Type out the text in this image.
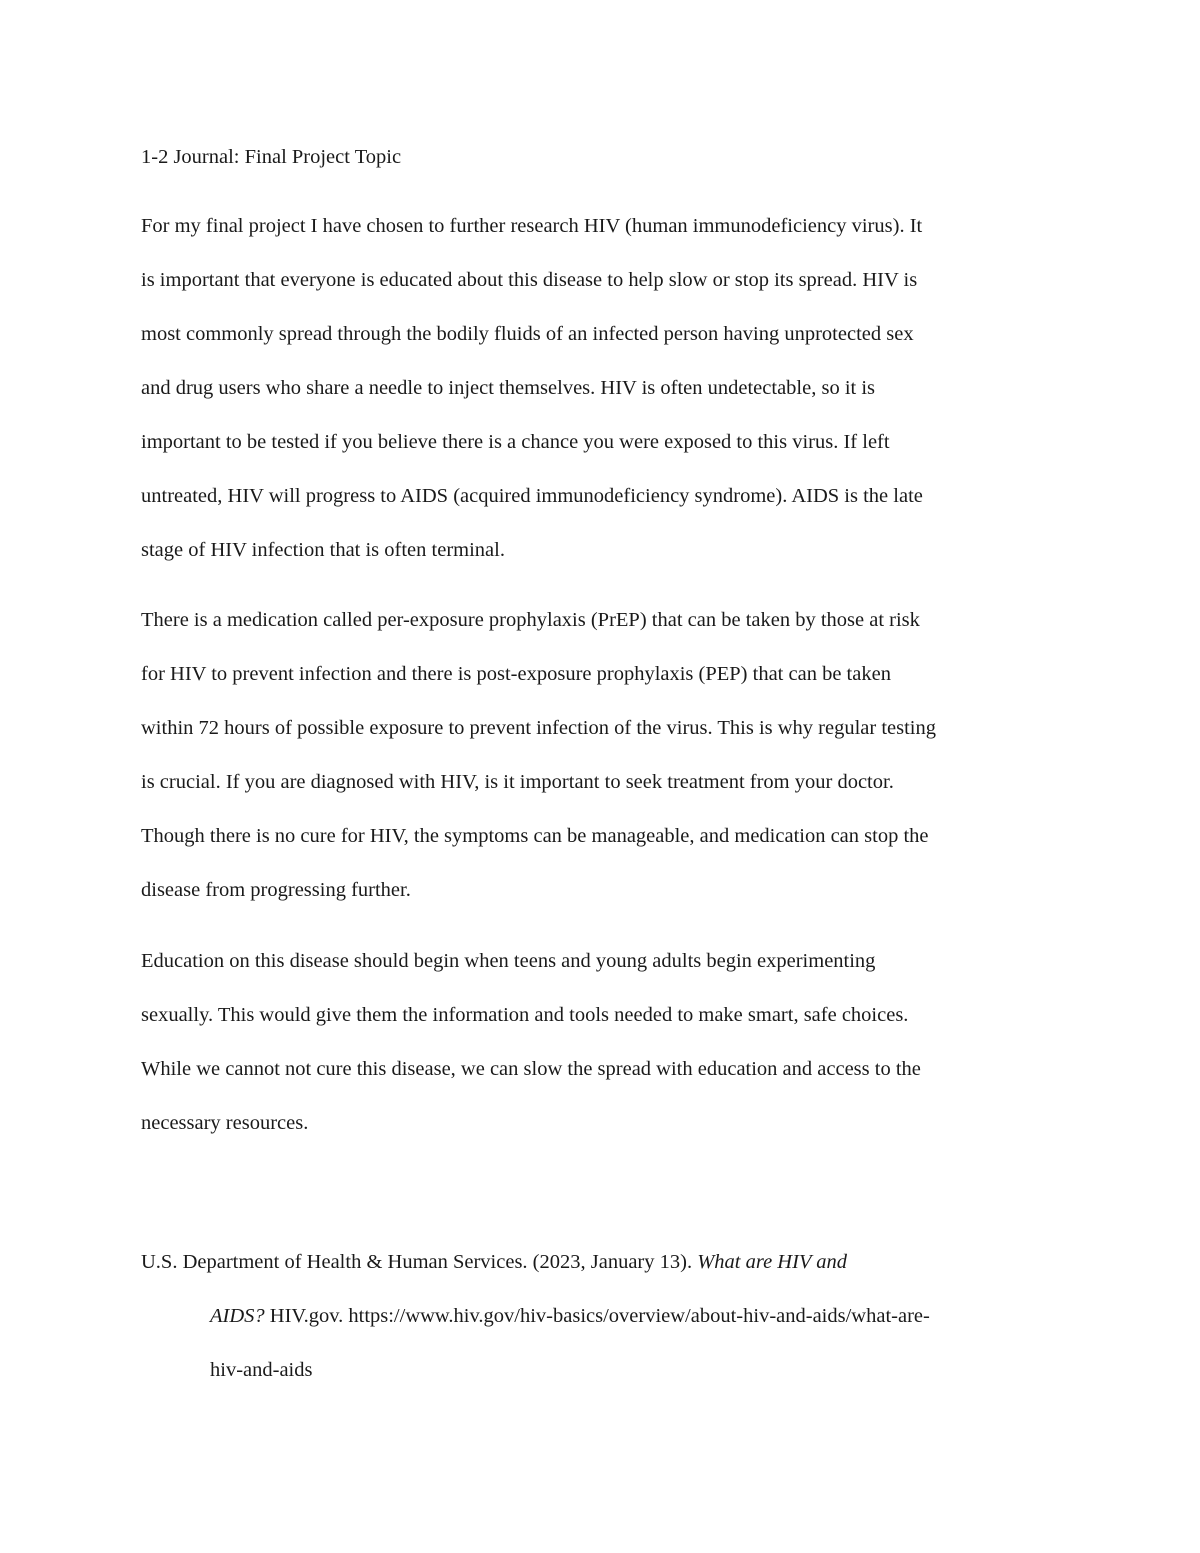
1-2 Journal: Final Project Topic
For my final project I have chosen to further research HIV (human immunodeficiency virus). It
is important that everyone is educated about this disease to help slow or stop its spread. HIV is
most commonly spread through the bodily fluids of an infected person having unprotected sex
and drug users who share a needle to inject themselves. HIV is often undetectable, so it is
important to be tested if you believe there is a chance you were exposed to this virus. If left
untreated, HIV will progress to AIDS (acquired immunodeficiency syndrome). AIDS is the late
stage of HIV infection that is often terminal.
There is a medication called per-exposure prophylaxis (PrEP) that can be taken by those at risk
for HIV to prevent infection and there is post-exposure prophylaxis (PEP) that can be taken
within 72 hours of possible exposure to prevent infection of the virus. This is why regular testing
is crucial. If you are diagnosed with HIV, is it important to seek treatment from your doctor.
Though there is no cure for HIV, the symptoms can be manageable, and medication can stop the
disease from progressing further.
Education on this disease should begin when teens and young adults begin experimenting
sexually. This would give them the information and tools needed to make smart, safe choices.
While we cannot not cure this disease, we can slow the spread with education and access to the
necessary resources.
U.S. Department of Health & Human Services. (2023, January 13). What are HIV and
AIDS? HIV.gov. https://www.hiv.gov/hiv-basics/overview/about-hiv-and-aids/what-are-
hiv-and-aids
